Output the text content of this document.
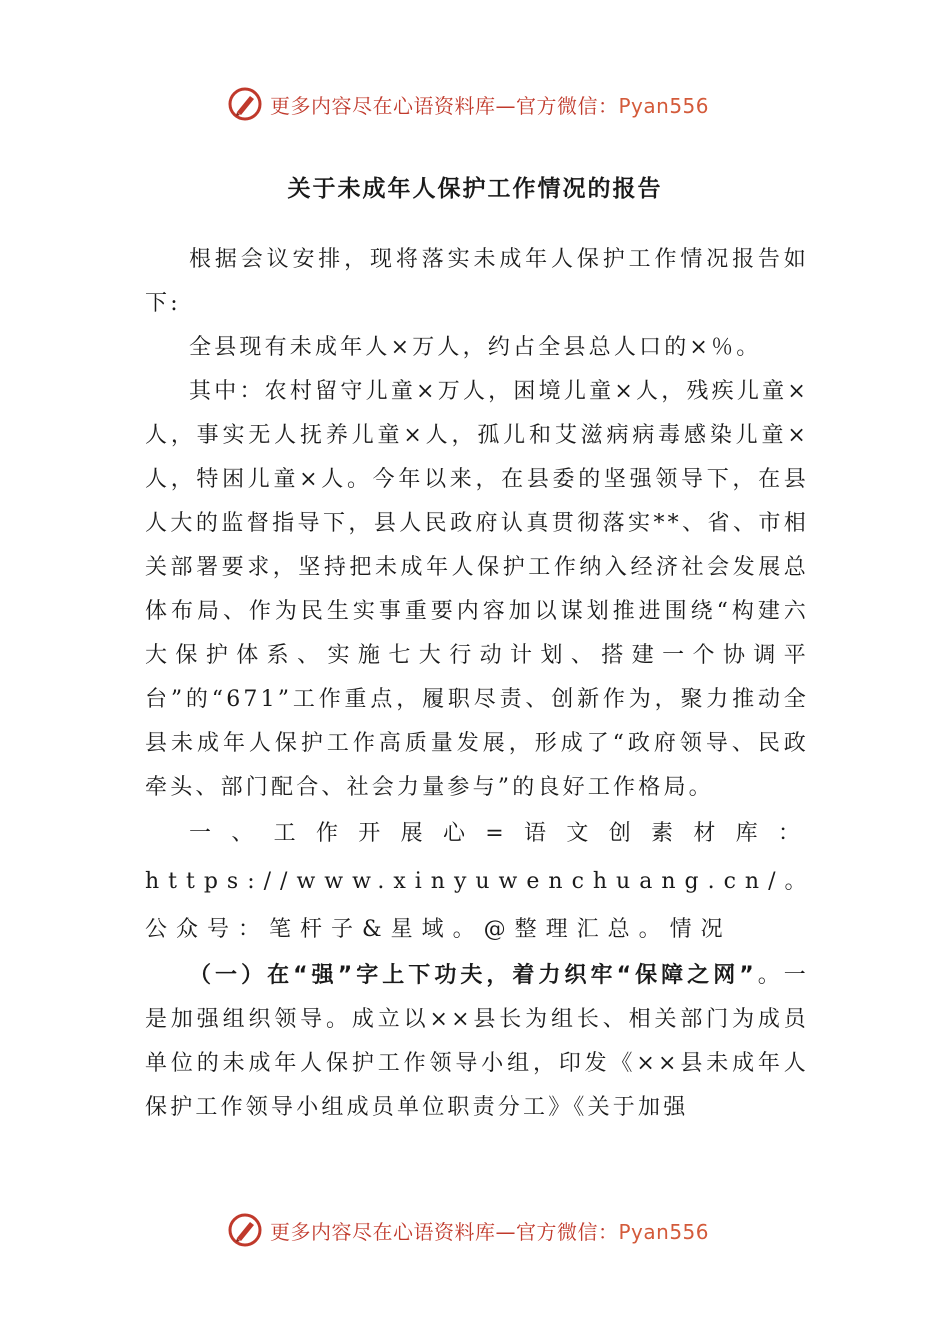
更多内容尽在心语资料库—官方微信：Pyan556
关于未成年人保护工作情况的报告

根据会议安排，现将落实未成年人保护工作情况报告如下:

全县现有未成年人×万人，约占全县总人口的×％。

其中：农村留守儿童×万人，困境儿童×人，残疾儿童×人，事实无人抚养儿童×人，孤儿和艾滋病病毒感染儿童×人，特困儿童×人。今年以来，在县委的坚强领导下，在县人大的监督指导下，县人民政府认真贯彻落实**、省、市相关部署要求，坚持把未成年人保护工作纳入经济社会发展总体布局、作为民生实事重要内容加以谋划推进围绕“构建六大保护体系、实施七大行动计划、搭建一个协调平台”的“671”工作重点，履职尽责、创新作为，聚力推动全县未成年人保护工作高质量发展，形成了“政府领导、民政牵头、部门配合、社会力量参与”的良好工作格局。

一、工作开展心=语文创素材库：https://www.xinyuwenchuang.cn/。公众号：笔杆子&星域。@整理汇总。情况

（一）在“强”字上下功夫，着力织牢“保障之网”。一是加强组织领导。成立以××县长为组长、相关部门为成员单位的未成年人保护工作领导小组，印发《××县未成年人保护工作领导小组成员单位职责分工》《关于加强

更多内容尽在心语资料库—官方微信：Pyan556
